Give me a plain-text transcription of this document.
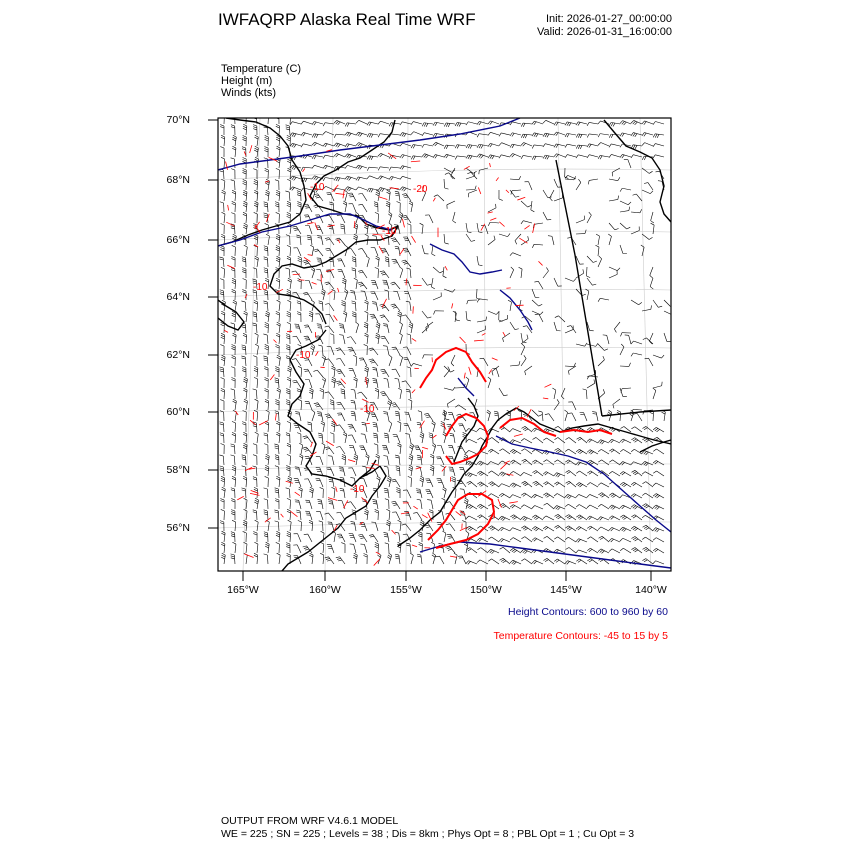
IWFAQRP Alaska Real Time WRF	Init: 2026-01-27_00:00:00
Valid: 2026-01-31_16:00:00
Temperature (C)
Height (m)
Winds (kts)
-10	-20
-10
-10
-10
-10
-10
70°N
68°N
66°N
64°N
62°N
60°N
58°N
56°N
165°W	160°W	155°W	150°W	145°W	140°W
Height Contours: 600 to 960 by 60
Temperature Contours: -45 to 15 by 5
OUTPUT FROM WRF V4.6.1 MODEL
WE = 225 ; SN = 225 ; Levels = 38 ; Dis = 8km ; Phys Opt = 8 ; PBL Opt = 1 ; Cu Opt = 3
